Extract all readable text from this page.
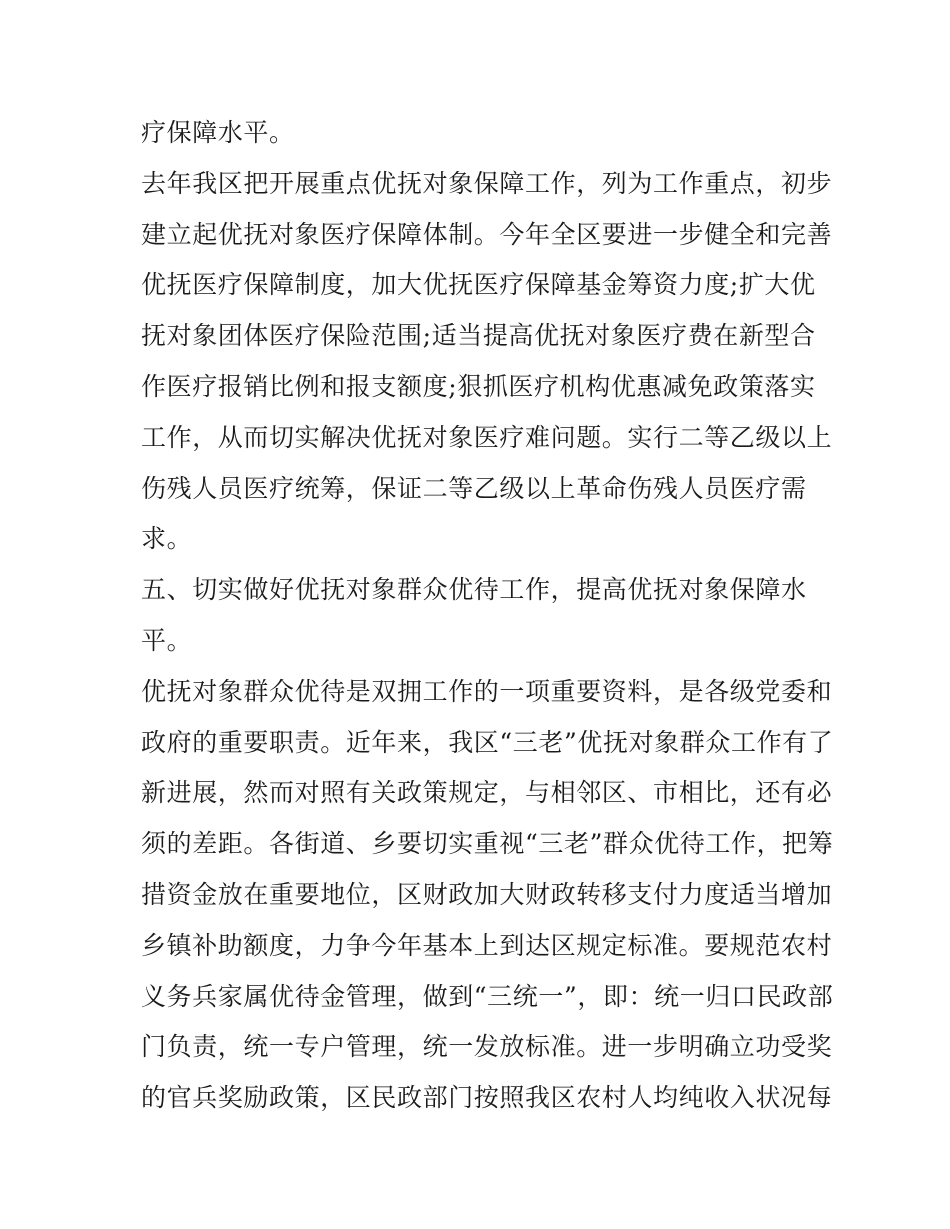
疗保障水平。
去年我区把开展重点优抚对象保障工作，列为工作重点，初步
建立起优抚对象医疗保障体制。今年全区要进一步健全和完善
优抚医疗保障制度，加大优抚医疗保障基金筹资力度;扩大优
抚对象团体医疗保险范围;适当提高优抚对象医疗费在新型合
作医疗报销比例和报支额度;狠抓医疗机构优惠减免政策落实
工作，从而切实解决优抚对象医疗难问题。实行二等乙级以上
伤残人员医疗统筹，保证二等乙级以上革命伤残人员医疗需
求。
五、切实做好优抚对象群众优待工作，提高优抚对象保障水
平。
优抚对象群众优待是双拥工作的一项重要资料，是各级党委和
政府的重要职责。近年来，我区“三老”优抚对象群众工作有了
新进展，然而对照有关政策规定，与相邻区、市相比，还有必
须的差距。各街道、乡要切实重视“三老”群众优待工作，把筹
措资金放在重要地位，区财政加大财政转移支付力度适当增加
乡镇补助额度，力争今年基本上到达区规定标准。要规范农村
义务兵家属优待金管理，做到“三统一”，即：统一归口民政部
门负责，统一专户管理，统一发放标准。进一步明确立功受奖
的官兵奖励政策，区民政部门按照我区农村人均纯收入状况每
